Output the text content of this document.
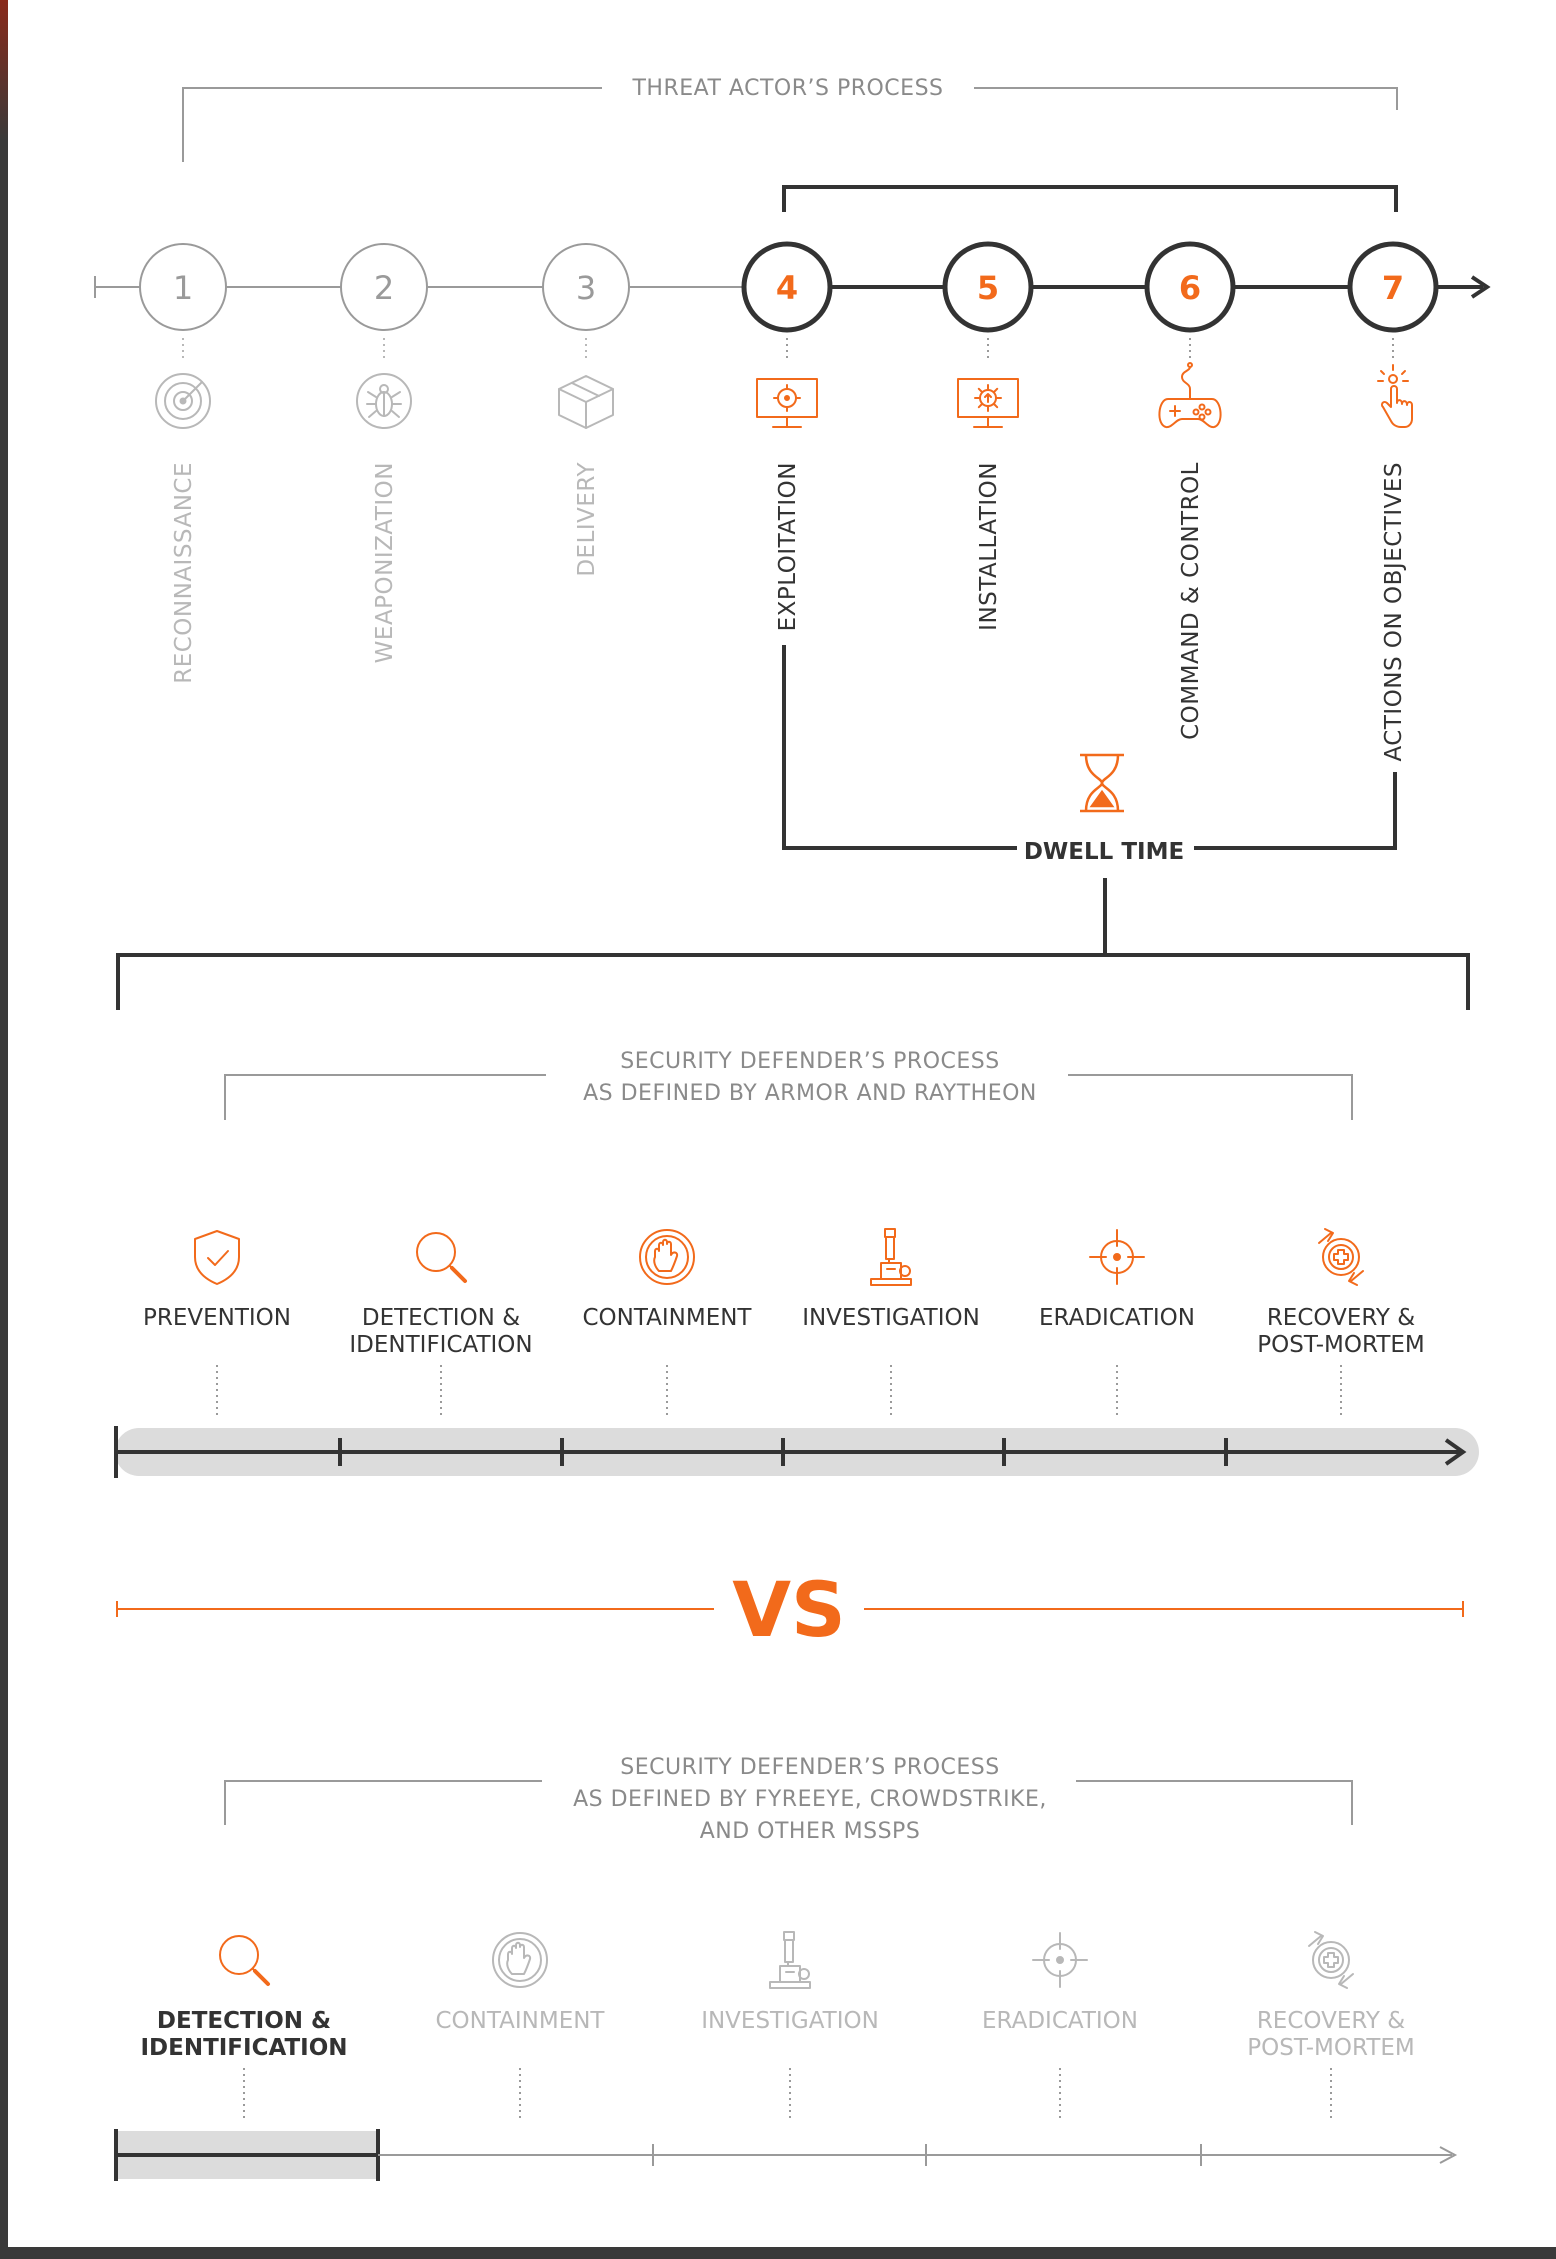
THREAT ACTOR’S PROCESS
1
RECONNAISSANCE
2
WEAPONIZATION
3
DELIVERY
4
EXPLOITATION
5
INSTALLATION
6
COMMAND & CONTROL
7
ACTIONS ON OBJECTIVES
DWELL TIME
SECURITY DEFENDER’S PROCESS
AS DEFINED BY ARMOR AND RAYTHEON
PREVENTION	DETECTION &
IDENTIFICATION
CONTAINMENT INVESTIGATION	ERADICATION	RECOVERY &
POST-MORTEM
VS
SECURITY DEFENDER’S PROCESS
AS DEFINED BY FYREEYE, CROWDSTRIKE,
AND OTHER MSSPS
DETECTION &
IDENTIFICATION
CONTAINMENT	INVESTIGATION	ERADICATION	RECOVERY &
POST-MORTEM
